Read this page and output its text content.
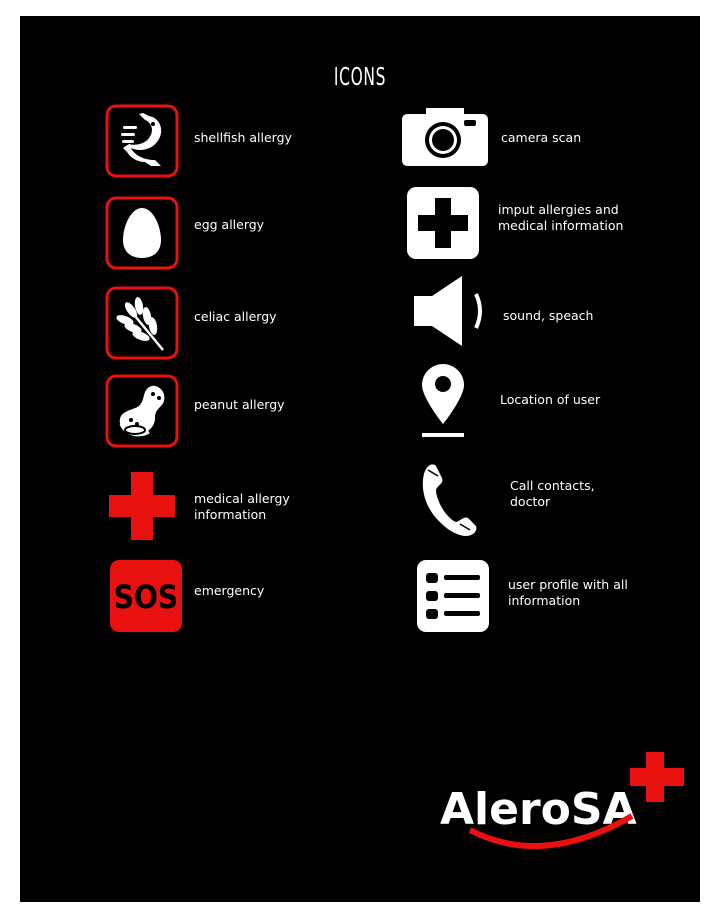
ICONS
shellfish allergy
egg allergy
celiac allergy
peanut allergy
medical allergy
information
SOS emergency
camera scan
imput allergies and
medical information
sound, speach
Location of user
Call contacts,
doctor
user profile with all
information
AleroSA
